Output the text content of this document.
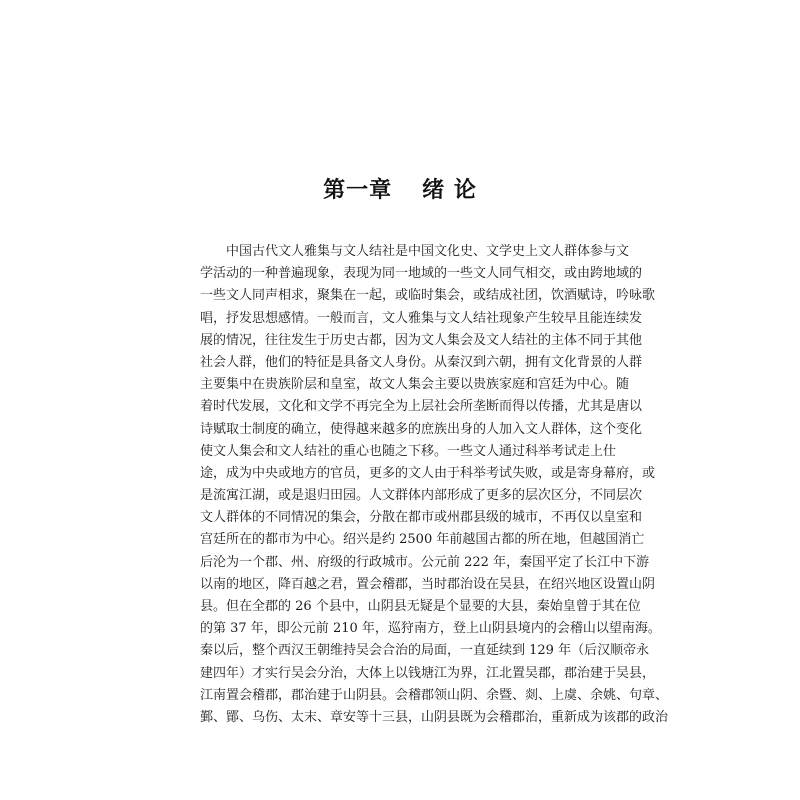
第一章 绪 论
中国古代文人雅集与文人结社是中国文化史、文学史上文人群体参与文
学活动的一种普遍现象，表现为同一地域的一些文人同气相交，或由跨地域的
一些文人同声相求，聚集在一起，或临时集会，或结成社团，饮酒赋诗，吟咏歌
唱，抒发思想感情。一般而言，文人雅集与文人结社现象产生较早且能连续发
展的情况，往往发生于历史古都，因为文人集会及文人结社的主体不同于其他
社会人群，他们的特征是具备文人身份。从秦汉到六朝，拥有文化背景的人群
主要集中在贵族阶层和皇室，故文人集会主要以贵族家庭和宫廷为中心。随
着时代发展，文化和文学不再完全为上层社会所垄断而得以传播，尤其是唐以
诗赋取士制度的确立，使得越来越多的庶族出身的人加入文人群体，这个变化
使文人集会和文人结社的重心也随之下移。一些文人通过科举考试走上仕
途，成为中央或地方的官员，更多的文人由于科举考试失败，或是寄身幕府，或
是流寓江湖，或是退归田园。人文群体内部形成了更多的层次区分，不同层次
文人群体的不同情况的集会，分散在都市或州郡县级的城市，不再仅以皇室和
宫廷所在的都市为中心。绍兴是约 2500 年前越国古都的所在地，但越国消亡
后沦为一个郡、州、府级的行政城市。公元前 222 年，秦国平定了长江中下游
以南的地区，降百越之君，置会稽郡，当时郡治设在吴县，在绍兴地区设置山阴
县。但在全郡的 26 个县中，山阴县无疑是个显要的大县，秦始皇曾于其在位
的第 37 年，即公元前 210 年，巡狩南方，登上山阴县境内的会稽山以望南海。
秦以后，整个西汉王朝维持吴会合治的局面，一直延续到 129 年（后汉顺帝永
建四年）才实行吴会分治，大体上以钱塘江为界，江北置吴郡，郡治建于吴县，
江南置会稽郡，郡治建于山阴县。会稽郡领山阴、余暨、剡、上虞、余姚、句章、
鄞、鄮、乌伤、太末、章安等十三县，山阴县既为会稽郡治，重新成为该郡的政治
